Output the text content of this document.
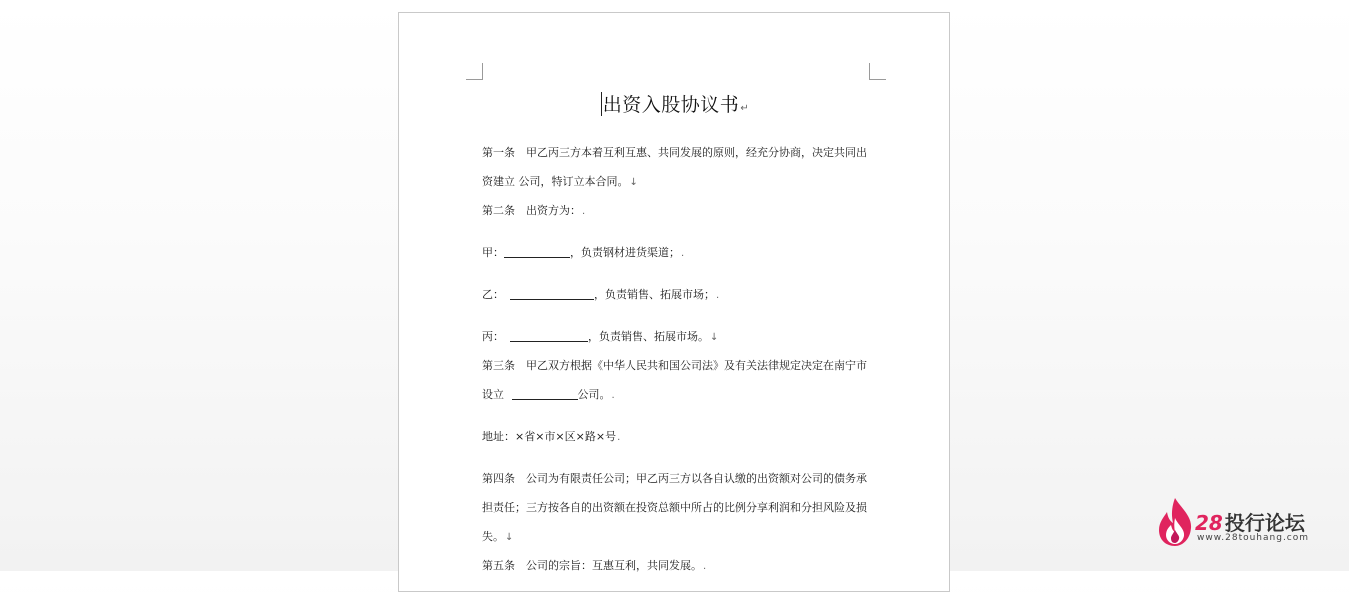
出资入股协议书↵
第一条　甲乙丙三方本着互利互惠、共同发展的原则，经充分协商，决定共同出
资建立 公司，特订立本合同。↓
第二条　出资方为：.
甲：	，负责钢材进货渠道；.
乙：	，负责销售、拓展市场；.
丙：	，负责销售、拓展市场。↓
第三条　甲乙双方根据《中华人民共和国公司法》及有关法律规定决定在南宁市
设立	公司。.
地址：×省×市×区×路×号.
第四条　公司为有限责任公司；甲乙丙三方以各自认缴的出资额对公司的债务承
担责任；三方按各自的出资额在投资总额中所占的比例分享利润和分担风险及损
失。↓
第五条　公司的宗旨：互惠互利，共同发展。.
28 投行论坛
www.28touhang.com
